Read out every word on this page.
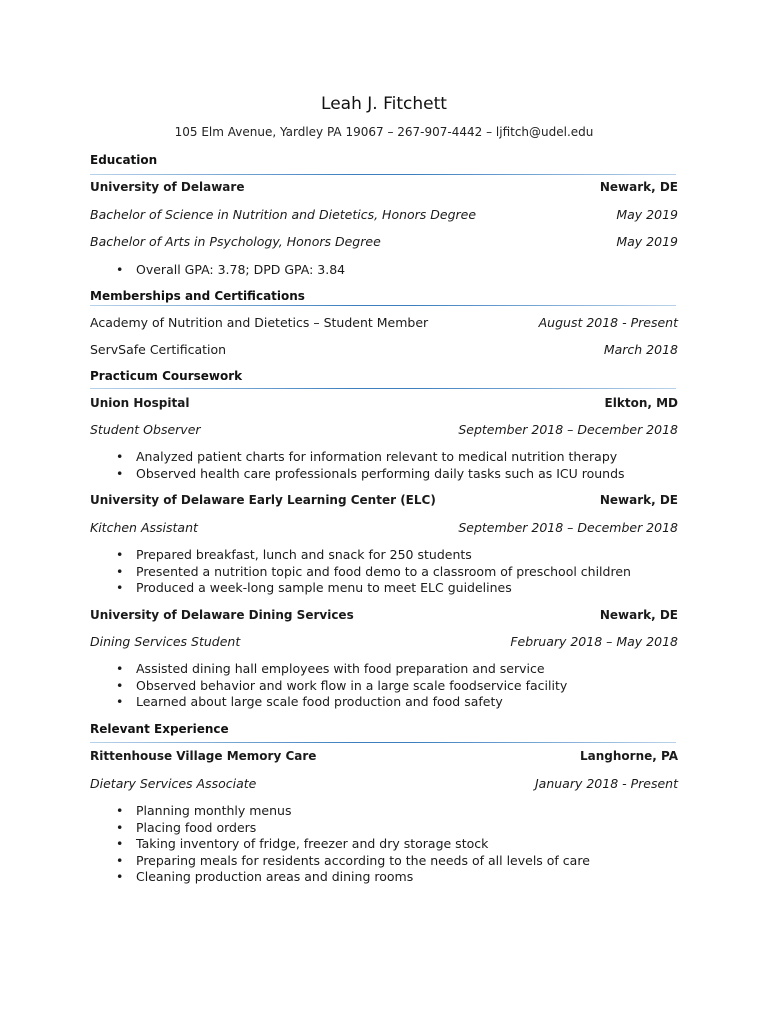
Leah J. Fitchett
105 Elm Avenue, Yardley PA 19067 – 267-907-4442 – ljfitch@udel.edu
Education
University of Delaware	Newark, DE
Bachelor of Science in Nutrition and Dietetics, Honors Degree	May 2019
Bachelor of Arts in Psychology, Honors Degree	May 2019
• Overall GPA: 3.78; DPD GPA: 3.84
Memberships and Certifications
Academy of Nutrition and Dietetics – Student Member	August 2018 - Present
ServSafe Certification	March 2018
Practicum Coursework
Union Hospital	Elkton, MD
Student Observer	September 2018 – December 2018
• Analyzed patient charts for information relevant to medical nutrition therapy
• Observed health care professionals performing daily tasks such as ICU rounds
University of Delaware Early Learning Center (ELC)	Newark, DE
Kitchen Assistant	September 2018 – December 2018
• Prepared breakfast, lunch and snack for 250 students
• Presented a nutrition topic and food demo to a classroom of preschool children
• Produced a week-long sample menu to meet ELC guidelines
University of Delaware Dining Services	Newark, DE
Dining Services Student	February 2018 – May 2018
• Assisted dining hall employees with food preparation and service
• Observed behavior and work flow in a large scale foodservice facility
• Learned about large scale food production and food safety
Relevant Experience
Rittenhouse Village Memory Care	Langhorne, PA
Dietary Services Associate	January 2018 - Present
• Planning monthly menus
• Placing food orders
• Taking inventory of fridge, freezer and dry storage stock
• Preparing meals for residents according to the needs of all levels of care
• Cleaning production areas and dining rooms
